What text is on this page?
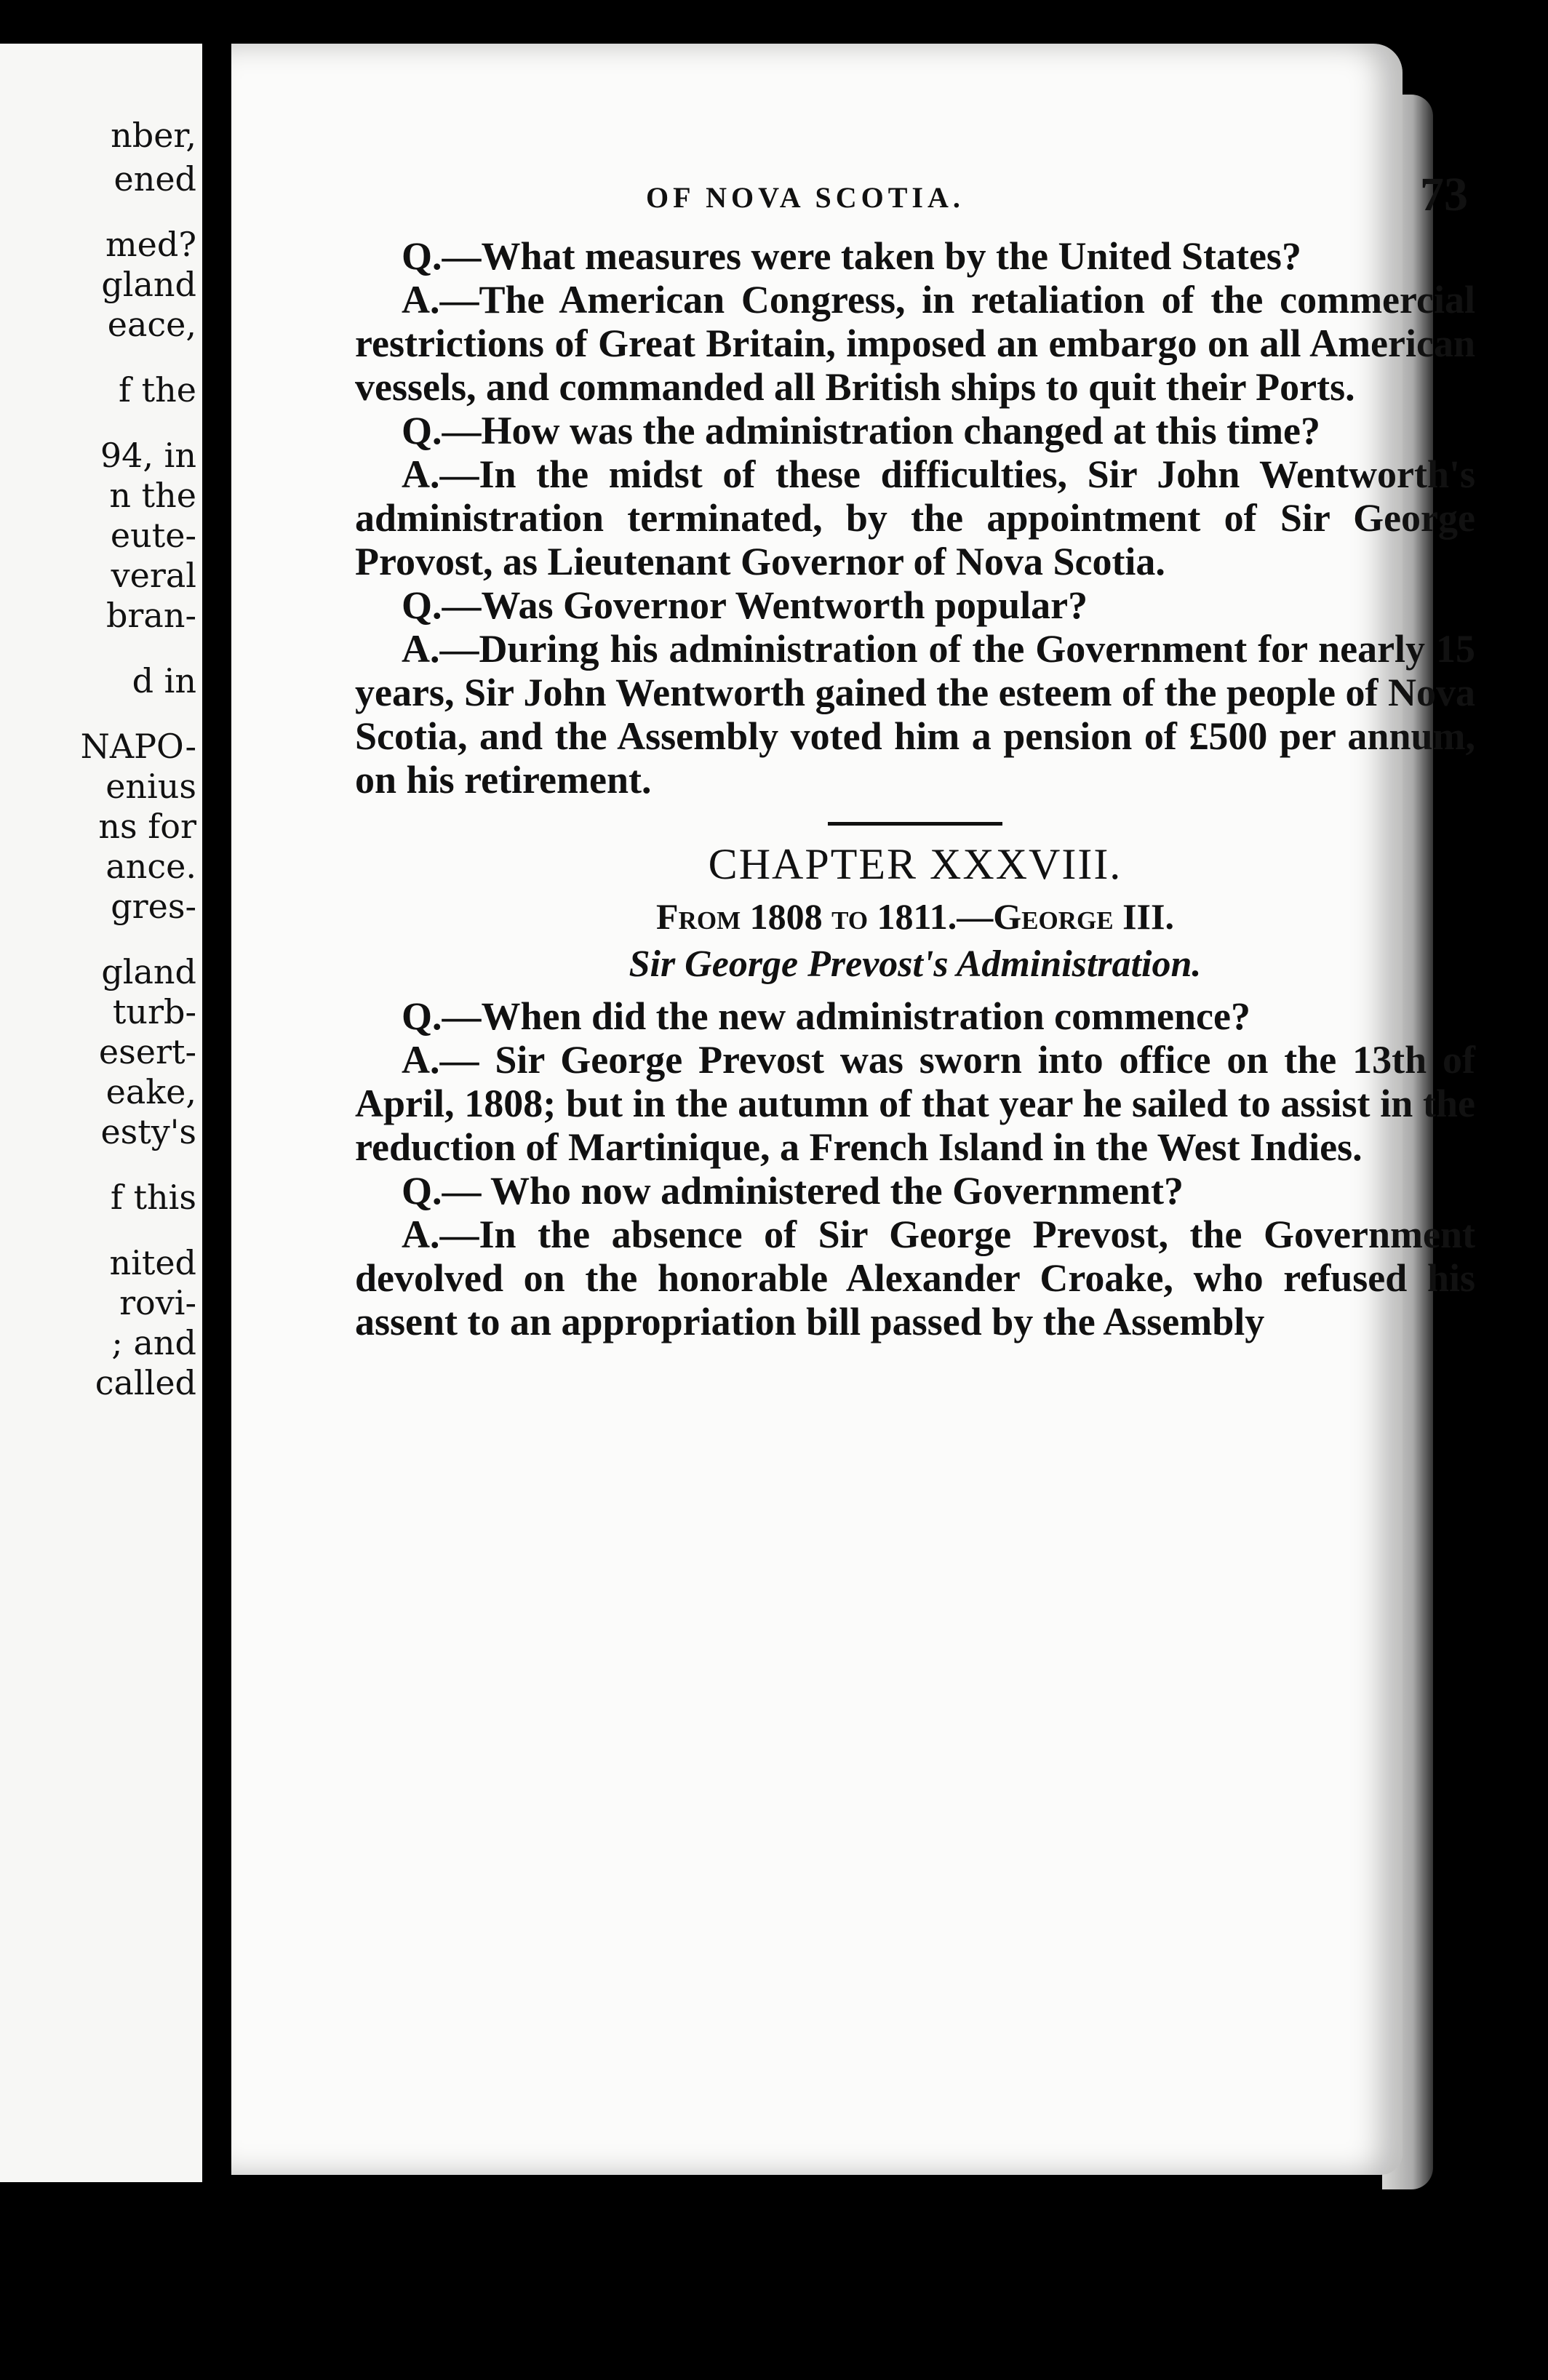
nber,
ened
med?
gland
eace,
f the
94, in
n the
eute-
veral
bran-
d in
NAPO-
enius
ns for
ance.
gres-
gland
turb-
esert-
eake,
esty's
f this
nited
rovi-
; and
called
OF NOVA SCOTIA.	73

Q.—What measures were taken by the United States?

A.—The American Congress, in retaliation of the commercial restrictions of Great Britain, imposed an embargo on all American vessels, and commanded all British ships to quit their Ports.

Q.—How was the administration changed at this time?

A.—In the midst of these difficulties, Sir John Wentworth's administration terminated, by the appointment of Sir George Provost, as Lieutenant Governor of Nova Scotia.

Q.—Was Governor Wentworth popular?

A.—During his administration of the Government for nearly 15 years, Sir John Wentworth gained the esteem of the people of Nova Scotia, and the Assembly voted him a pension of £500 per annum, on his retirement.

CHAPTER XXXVIII.

From 1808 to 1811.—George III.

Sir George Prevost's Administration.

Q.—When did the new administration commence?

A.— Sir George Prevost was sworn into office on the 13th of April, 1808; but in the autumn of that year he sailed to assist in the reduction of Martinique, a French Island in the West Indies.

Q.— Who now administered the Government?

A.—In the absence of Sir George Prevost, the Government devolved on the honorable Alexander Croake, who refused his assent to an appropriation bill passed by the Assembly
